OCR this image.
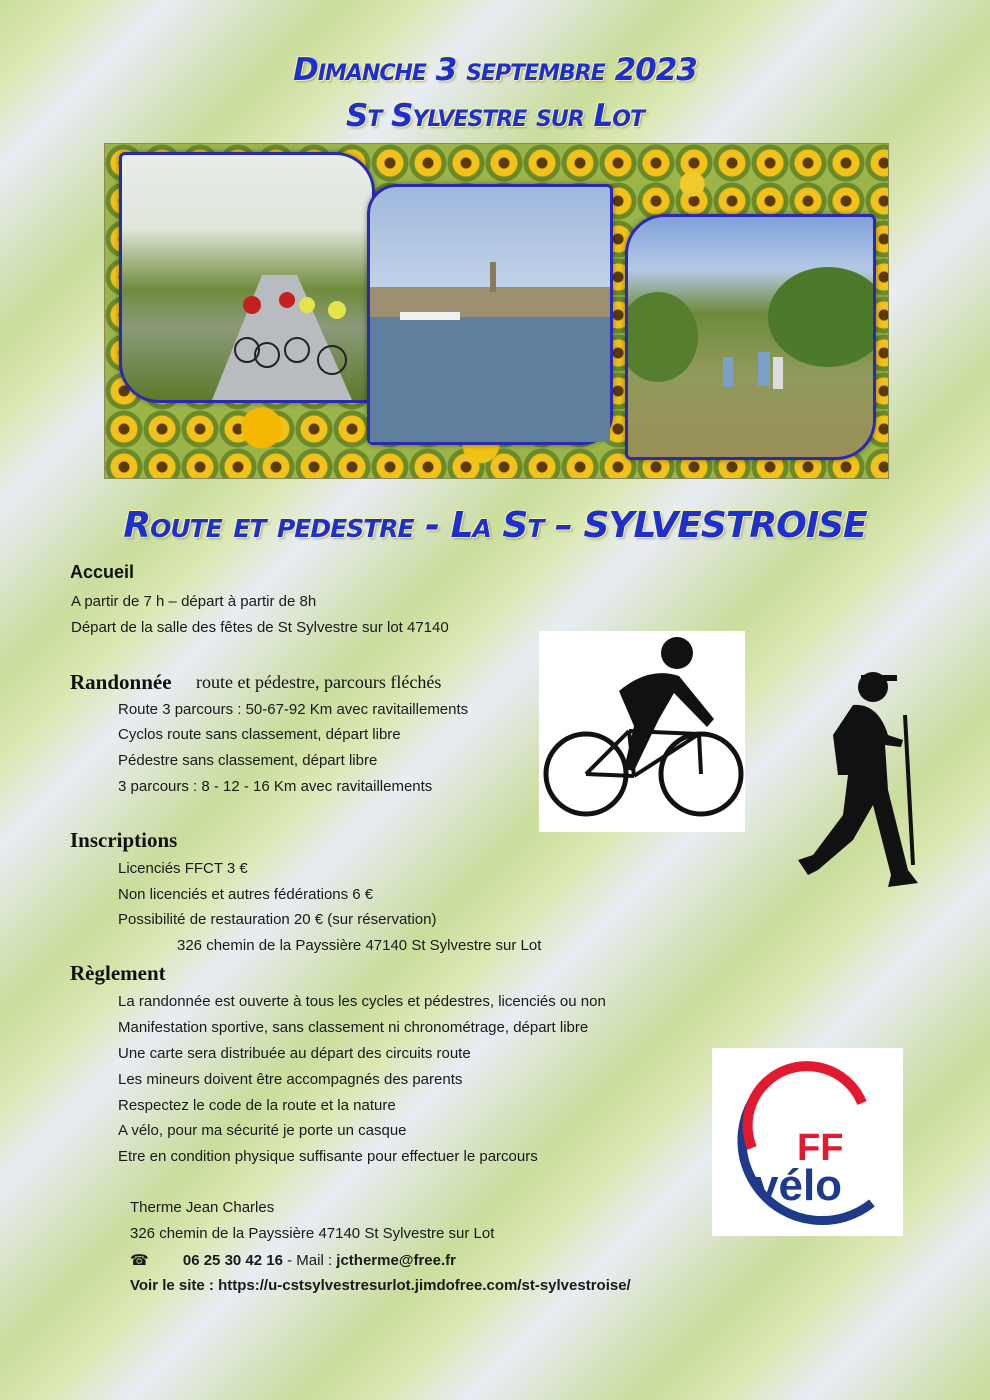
Dimanche 3 septembre 2023
St Sylvestre sur Lot
Route et pedestre - La St – SYLVESTROISE
Accueil
A partir de 7 h – départ à partir de 8h
Départ de la salle des fêtes de St Sylvestre sur lot 47140
Randonnée route et pédestre, parcours fléchés
Route 3 parcours : 50-67-92 Km avec ravitaillements
Cyclos route sans classement, départ libre
Pédestre sans classement, départ libre
3 parcours : 8 - 12 - 16 Km avec ravitaillements
Inscriptions
Licenciés FFCT 3 €
Non licenciés et autres fédérations 6 €
Possibilité de restauration 20 € (sur réservation)
326 chemin de la Payssière 47140 St Sylvestre sur Lot
Règlement
La randonnée est ouverte à tous les cycles et pédestres, licenciés ou non
Manifestation sportive, sans classement ni chronométrage, départ libre
Une carte sera distribuée au départ des circuits route
Les mineurs doivent être accompagnés des parents
Respectez le code de la route et la nature
A vélo, pour ma sécurité je porte un casque
Etre en condition physique suffisante pour effectuer le parcours	FF
vélo
Therme Jean Charles
326 chemin de la Payssière 47140 St Sylvestre sur Lot
☎ 06 25 30 42 16 - Mail : jctherme@free.fr
Voir le site : https://u-cstsylvestresurlot.jimdofree.com/st-sylvestroise/
